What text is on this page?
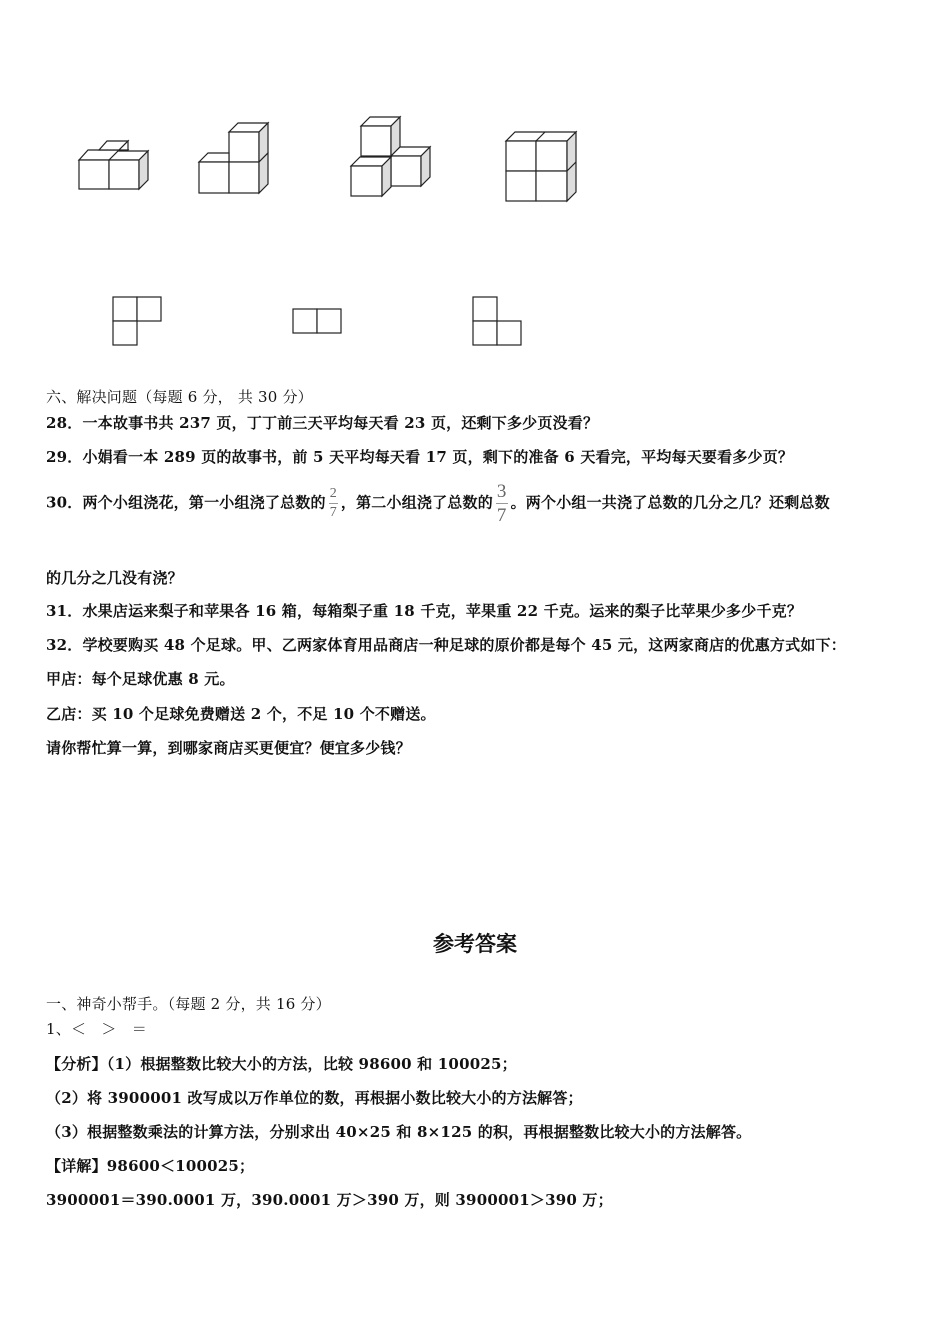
六、解决问题（每题 6 分， 共 30 分）
28．一本故事书共 237 页，丁丁前三天平均每天看 23 页，还剩下多少页没看？
29．小娟看一本 289 页的故事书，前 5 天平均每天看 17 页，剩下的准备 6 天看完，平均每天要看多少页？
30．两个小组浇花，第一小组浇了总数的 $\frac{2}{7}$ ，第二小组浇了总数的 $\frac{3}{7}$ 。两个小组一共浇了总数的几分之几？还剩总数
的几分之几没有浇？
31．水果店运来梨子和苹果各 16 箱，每箱梨子重 18 千克，苹果重 22 千克。运来的梨子比苹果少多少千克？
32．学校要购买 48 个足球。甲、乙两家体育用品商店一种足球的原价都是每个 45 元，这两家商店的优惠方式如下：
甲店：每个足球优惠 8 元。
乙店：买 10 个足球免费赠送 2 个，不足 10 个不赠送。
请你帮忙算一算，到哪家商店买更便宜？便宜多少钱？
参考答案
一、神奇小帮手。（每题 2 分，共 16 分）
1、＜　＞　＝
【分析】（1）根据整数比较大小的方法，比较 98600 和 100025；
（2）将 3900001 改写成以万作单位的数，再根据小数比较大小的方法解答；
（3）根据整数乘法的计算方法，分别求出 40×25 和 8×125 的积，再根据整数比较大小的方法解答。
【详解】98600＜100025；
3900001＝390.0001 万，390.0001 万＞390 万，则 3900001＞390 万；
